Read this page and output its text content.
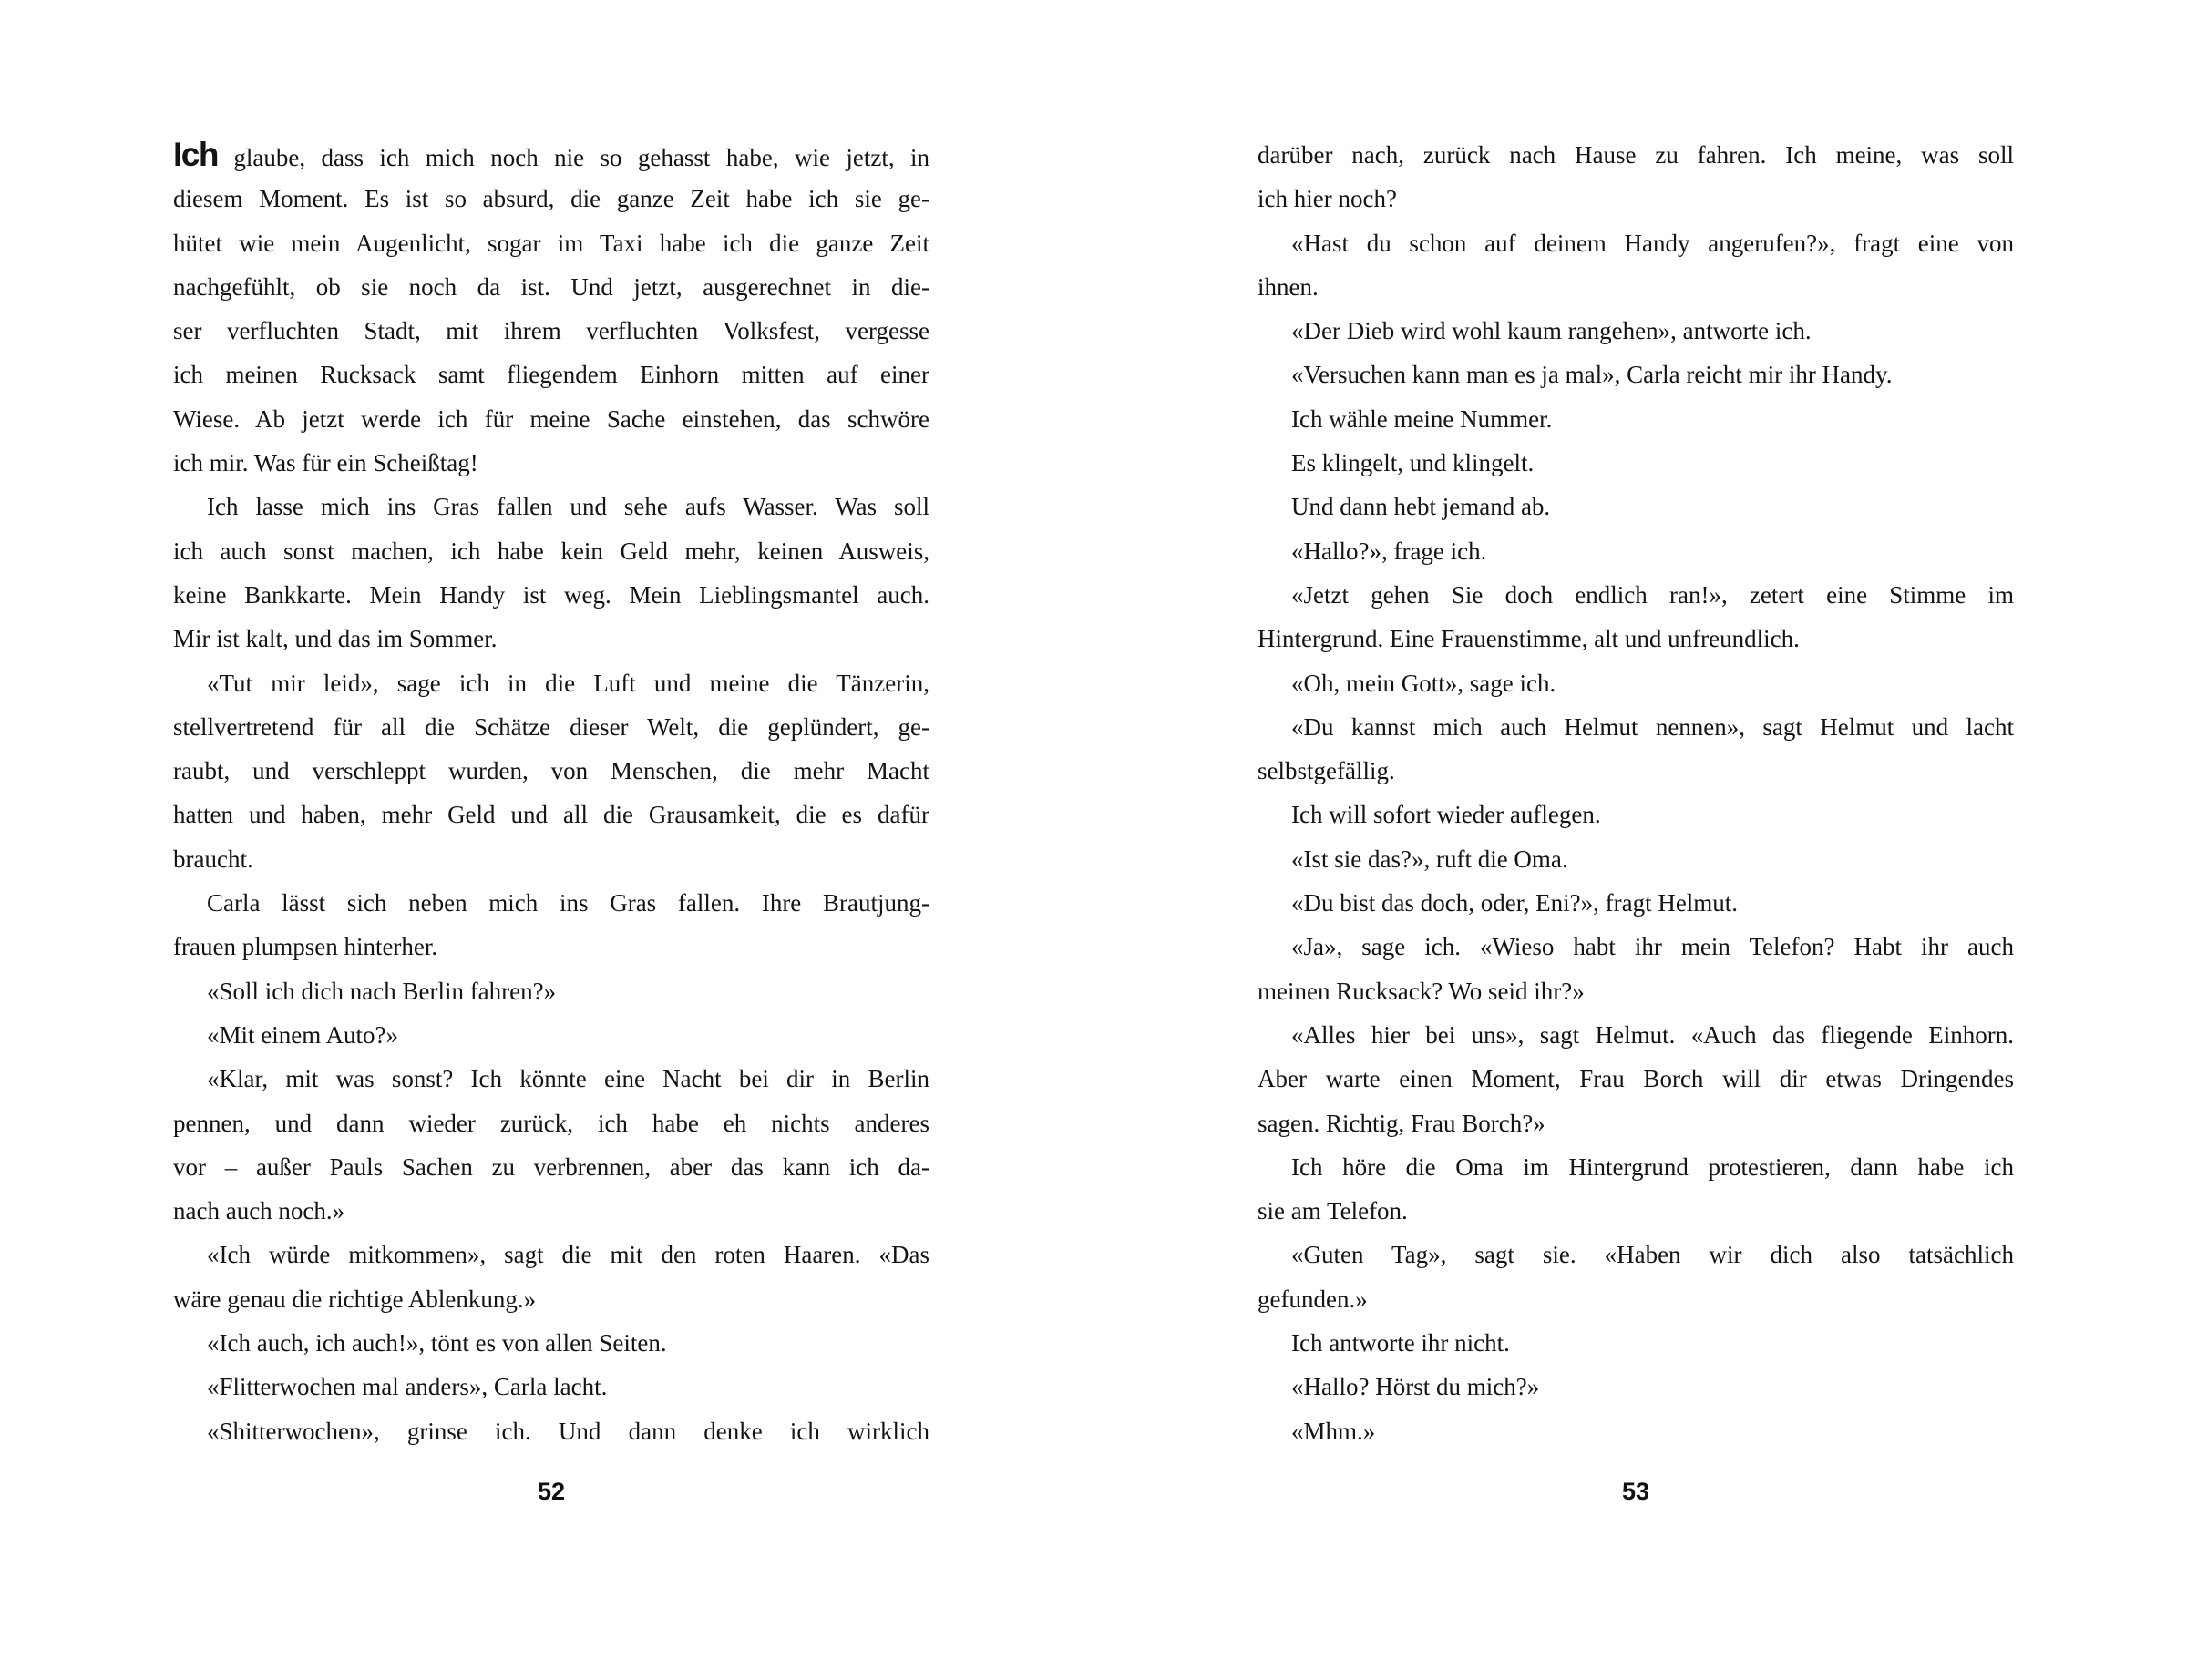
Ich glaube, dass ich mich noch nie so gehasst habe, wie jetzt, in
diesem Moment. Es ist so absurd, die ganze Zeit habe ich sie ge-
hütet wie mein Augenlicht, sogar im Taxi habe ich die ganze Zeit
nachgefühlt, ob sie noch da ist. Und jetzt, ausgerechnet in die-
ser verfluchten Stadt, mit ihrem verfluchten Volksfest, vergesse
ich meinen Rucksack samt fliegendem Einhorn mitten auf einer
Wiese. Ab jetzt werde ich für meine Sache einstehen, das schwöre
ich mir. Was für ein Scheißtag!
Ich lasse mich ins Gras fallen und sehe aufs Wasser. Was soll
ich auch sonst machen, ich habe kein Geld mehr, keinen Ausweis,
keine Bankkarte. Mein Handy ist weg. Mein Lieblingsmantel auch.
Mir ist kalt, und das im Sommer.
«Tut mir leid», sage ich in die Luft und meine die Tänzerin,
stellvertretend für all die Schätze dieser Welt, die geplündert, ge-
raubt, und verschleppt wurden, von Menschen, die mehr Macht
hatten und haben, mehr Geld und all die Grausamkeit, die es dafür
braucht.
Carla lässt sich neben mich ins Gras fallen. Ihre Brautjung-
frauen plumpsen hinterher.
«Soll ich dich nach Berlin fahren?»
«Mit einem Auto?»
«Klar, mit was sonst? Ich könnte eine Nacht bei dir in Berlin
pennen, und dann wieder zurück, ich habe eh nichts anderes
vor – außer Pauls Sachen zu verbrennen, aber das kann ich da-
nach auch noch.»
«Ich würde mitkommen», sagt die mit den roten Haaren. «Das
wäre genau die richtige Ablenkung.»
«Ich auch, ich auch!», tönt es von allen Seiten.
«Flitterwochen mal anders», Carla lacht.
«Shitterwochen», grinse ich. Und dann denke ich wirklich
darüber nach, zurück nach Hause zu fahren. Ich meine, was soll
ich hier noch?
«Hast du schon auf deinem Handy angerufen?», fragt eine von
ihnen.
«Der Dieb wird wohl kaum rangehen», antworte ich.
«Versuchen kann man es ja mal», Carla reicht mir ihr Handy.
Ich wähle meine Nummer.
Es klingelt, und klingelt.
Und dann hebt jemand ab.
«Hallo?», frage ich.
«Jetzt gehen Sie doch endlich ran!», zetert eine Stimme im
Hintergrund. Eine Frauenstimme, alt und unfreundlich.
«Oh, mein Gott», sage ich.
«Du kannst mich auch Helmut nennen», sagt Helmut und lacht
selbstgefällig.
Ich will sofort wieder auflegen.
«Ist sie das?», ruft die Oma.
«Du bist das doch, oder, Eni?», fragt Helmut.
«Ja», sage ich. «Wieso habt ihr mein Telefon? Habt ihr auch
meinen Rucksack? Wo seid ihr?»
«Alles hier bei uns», sagt Helmut. «Auch das fliegende Einhorn.
Aber warte einen Moment, Frau Borch will dir etwas Dringendes
sagen. Richtig, Frau Borch?»
Ich höre die Oma im Hintergrund protestieren, dann habe ich
sie am Telefon.
«Guten Tag», sagt sie. «Haben wir dich also tatsächlich
gefunden.»
Ich antworte ihr nicht.
«Hallo? Hörst du mich?»
«Mhm.»
52	53
